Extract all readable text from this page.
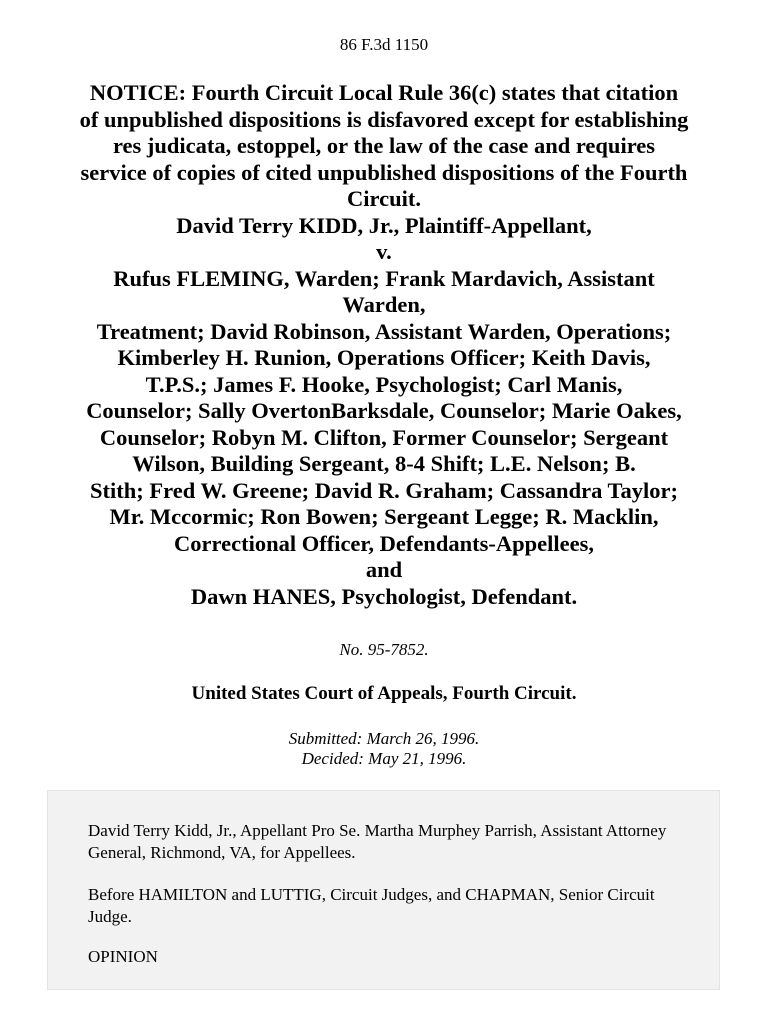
86 F.3d 1150
NOTICE: Fourth Circuit Local Rule 36(c) states that citation
of unpublished dispositions is disfavored except for establishing
res judicata, estoppel, or the law of the case and requires
service of copies of cited unpublished dispositions of the Fourth
Circuit.
David Terry KIDD, Jr., Plaintiff-Appellant,
v.
Rufus FLEMING, Warden; Frank Mardavich, Assistant
Warden,
Treatment; David Robinson, Assistant Warden, Operations;
Kimberley H. Runion, Operations Officer; Keith Davis,
T.P.S.; James F. Hooke, Psychologist; Carl Manis,
Counselor; Sally OvertonBarksdale, Counselor; Marie Oakes,
Counselor; Robyn M. Clifton, Former Counselor; Sergeant
Wilson, Building Sergeant, 8-4 Shift; L.E. Nelson; B.
Stith; Fred W. Greene; David R. Graham; Cassandra Taylor;
Mr. Mccormic; Ron Bowen; Sergeant Legge; R. Macklin,
Correctional Officer, Defendants-Appellees,
and
Dawn HANES, Psychologist, Defendant.
No. 95-7852.
United States Court of Appeals, Fourth Circuit.
Submitted: March 26, 1996.
Decided: May 21, 1996.

David Terry Kidd, Jr., Appellant Pro Se. Martha Murphey Parrish, Assistant Attorney General, Richmond, VA, for Appellees.

Before HAMILTON and LUTTIG, Circuit Judges, and CHAPMAN, Senior Circuit Judge.

OPINION
